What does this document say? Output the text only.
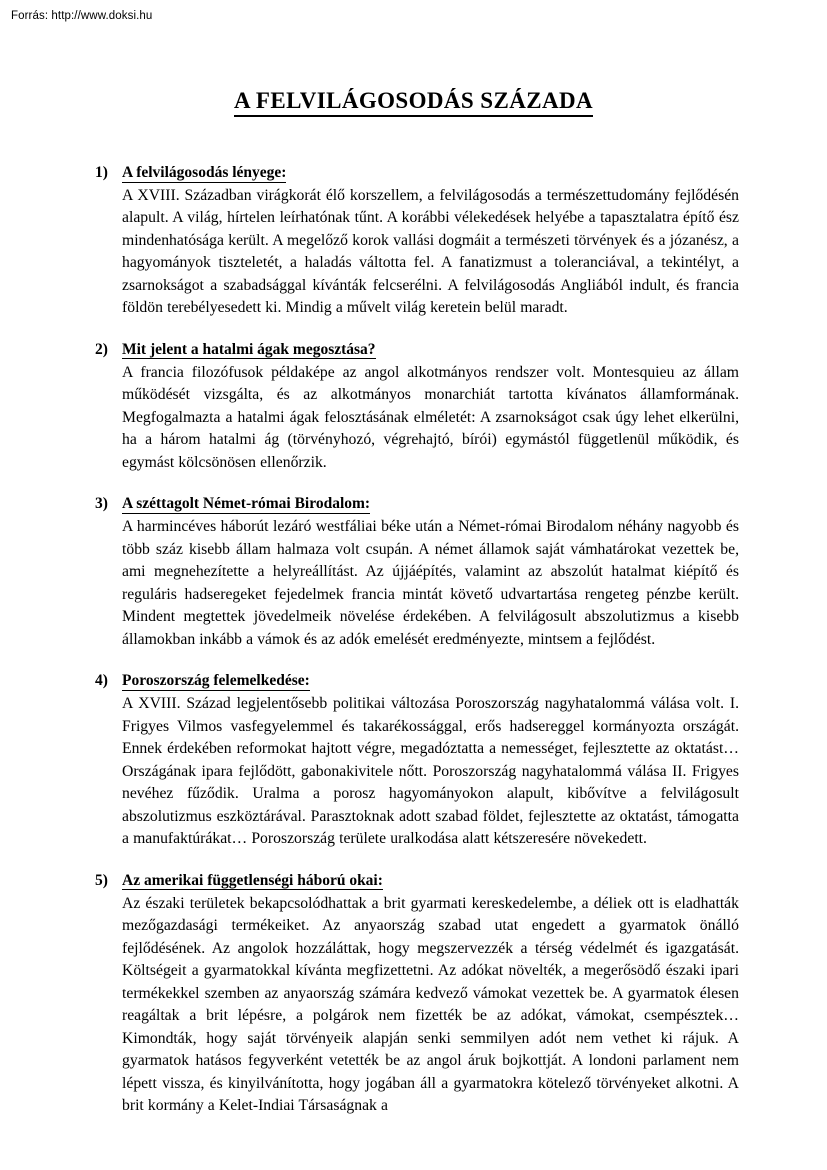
Forrás: http://www.doksi.hu
A FELVILÁGOSODÁS SZÁZADA
1) A felvilágosodás lényege:

A XVIII. Században virágkorát élő korszellem, a felvilágosodás a természettudomány fejlődésén alapult. A világ, hírtelen leírhatónak tűnt. A korábbi vélekedések helyébe a tapasztalatra építő ész mindenhatósága került. A megelőző korok vallási dogmáit a természeti törvények és a józanész, a hagyományok tiszteletét, a haladás váltotta fel. A fanatizmust a toleranciával, a tekintélyt, a zsarnokságot a szabadsággal kívánták felcserélni. A felvilágosodás Angliából indult, és francia földön terebélyesedett ki. Mindig a művelt világ keretein belül maradt.

2) Mit jelent a hatalmi ágak megosztása?

A francia filozófusok példaképe az angol alkotmányos rendszer volt. Montesquieu az állam működését vizsgálta, és az alkotmányos monarchiát tartotta kívánatos államformának. Megfogalmazta a hatalmi ágak felosztásának elméletét: A zsarnokságot csak úgy lehet elkerülni, ha a három hatalmi ág (törvényhozó, végrehajtó, bírói) egymástól függetlenül működik, és egymást kölcsönösen ellenőrzik.

3) A széttagolt Német-római Birodalom:

A harmincéves háborút lezáró westfáliai béke után a Német-római Birodalom néhány nagyobb és több száz kisebb állam halmaza volt csupán. A német államok saját vámhatárokat vezettek be, ami megnehezítette a helyreállítást. Az újjáépítés, valamint az abszolút hatalmat kiépítő és reguláris hadseregeket fejedelmek francia mintát követő udvartartása rengeteg pénzbe került. Mindent megtettek jövedelmeik növelése érdekében. A felvilágosult abszolutizmus a kisebb államokban inkább a vámok és az adók emelését eredményezte, mintsem a fejlődést.

4) Poroszország felemelkedése:

A XVIII. Század legjelentősebb politikai változása Poroszország nagyhatalommá válása volt. I. Frigyes Vilmos vasfegyelemmel és takarékossággal, erős hadsereggel kormányozta országát. Ennek érdekében reformokat hajtott végre, megadóztatta a nemességet, fejlesztette az oktatást… Országának ipara fejlődött, gabonakivitele nőtt. Poroszország nagyhatalommá válása II. Frigyes nevéhez fűződik. Uralma a porosz hagyományokon alapult, kibővítve a felvilágosult abszolutizmus eszköztárával. Parasztoknak adott szabad földet, fejlesztette az oktatást, támogatta a manufaktúrákat… Poroszország területe uralkodása alatt kétszeresére növekedett.

5) Az amerikai függetlenségi háború okai:

Az északi területek bekapcsolódhattak a brit gyarmati kereskedelembe, a déliek ott is eladhatták mezőgazdasági termékeiket. Az anyaország szabad utat engedett a gyarmatok önálló fejlődésének. Az angolok hozzáláttak, hogy megszervezzék a térség védelmét és igazgatását. Költségeit a gyarmatokkal kívánta megfizettetni. Az adókat növelték, a megerősödő északi ipari termékekkel szemben az anyaország számára kedvező vámokat vezettek be. A gyarmatok élesen reagáltak a brit lépésre, a polgárok nem fizették be az adókat, vámokat, csempésztek… Kimondták, hogy saját törvényeik alapján senki semmilyen adót nem vethet ki rájuk. A gyarmatok hatásos fegyverként vetették be az angol áruk bojkottját. A londoni parlament nem lépett vissza, és kinyilvánította, hogy jogában áll a gyarmatokra kötelező törvényeket alkotni. A brit kormány a Kelet-Indiai Társaságnak a
